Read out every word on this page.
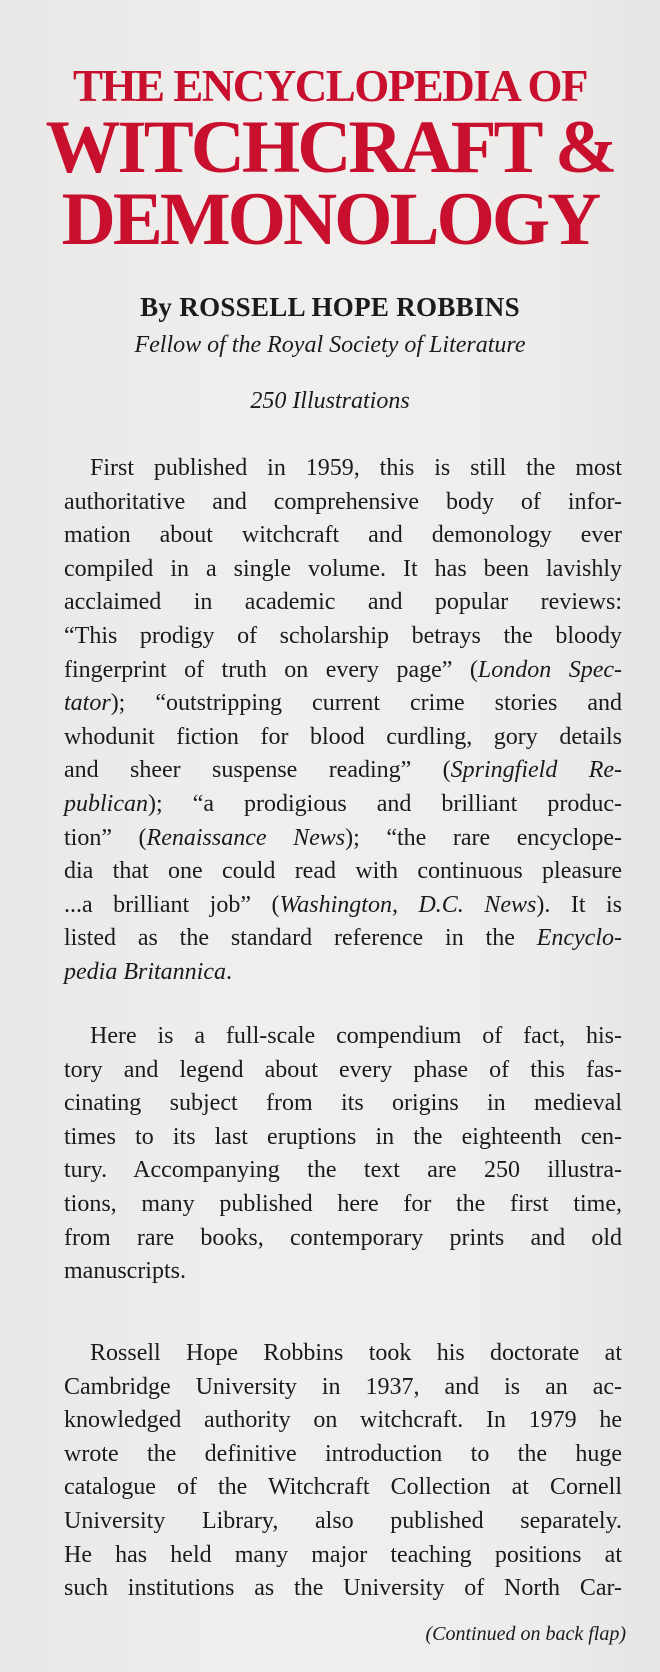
THE ENCYCLOPEDIA OF
WITCHCRAFT &
DEMONOLOGY
By ROSSELL HOPE ROBBINS
Fellow of the Royal Society of Literature
250 Illustrations
First published in 1959, this is still the most
authoritative and comprehensive body of infor-
mation about witchcraft and demonology ever
compiled in a single volume. It has been lavishly
acclaimed in academic and popular reviews:
“This prodigy of scholarship betrays the bloody
fingerprint of truth on every page” (London Spec-
tator); “outstripping current crime stories and
whodunit fiction for blood curdling, gory details
and sheer suspense reading” (Springfield Re-
publican); “a prodigious and brilliant produc-
tion” (Renaissance News); “the rare encyclope-
dia that one could read with continuous pleasure
...a brilliant job” (Washington, D.C. News). It is
listed as the standard reference in the Encyclo-
pedia Britannica.
Here is a full-scale compendium of fact, his-
tory and legend about every phase of this fas-
cinating subject from its origins in medieval
times to its last eruptions in the eighteenth cen-
tury. Accompanying the text are 250 illustra-
tions, many published here for the first time,
from rare books, contemporary prints and old
manuscripts.
Rossell Hope Robbins took his doctorate at
Cambridge University in 1937, and is an ac-
knowledged authority on witchcraft. In 1979 he
wrote the definitive introduction to the huge
catalogue of the Witchcraft Collection at Cornell
University Library, also published separately.
He has held many major teaching positions at
such institutions as the University of North Car-
(Continued on back flap)
